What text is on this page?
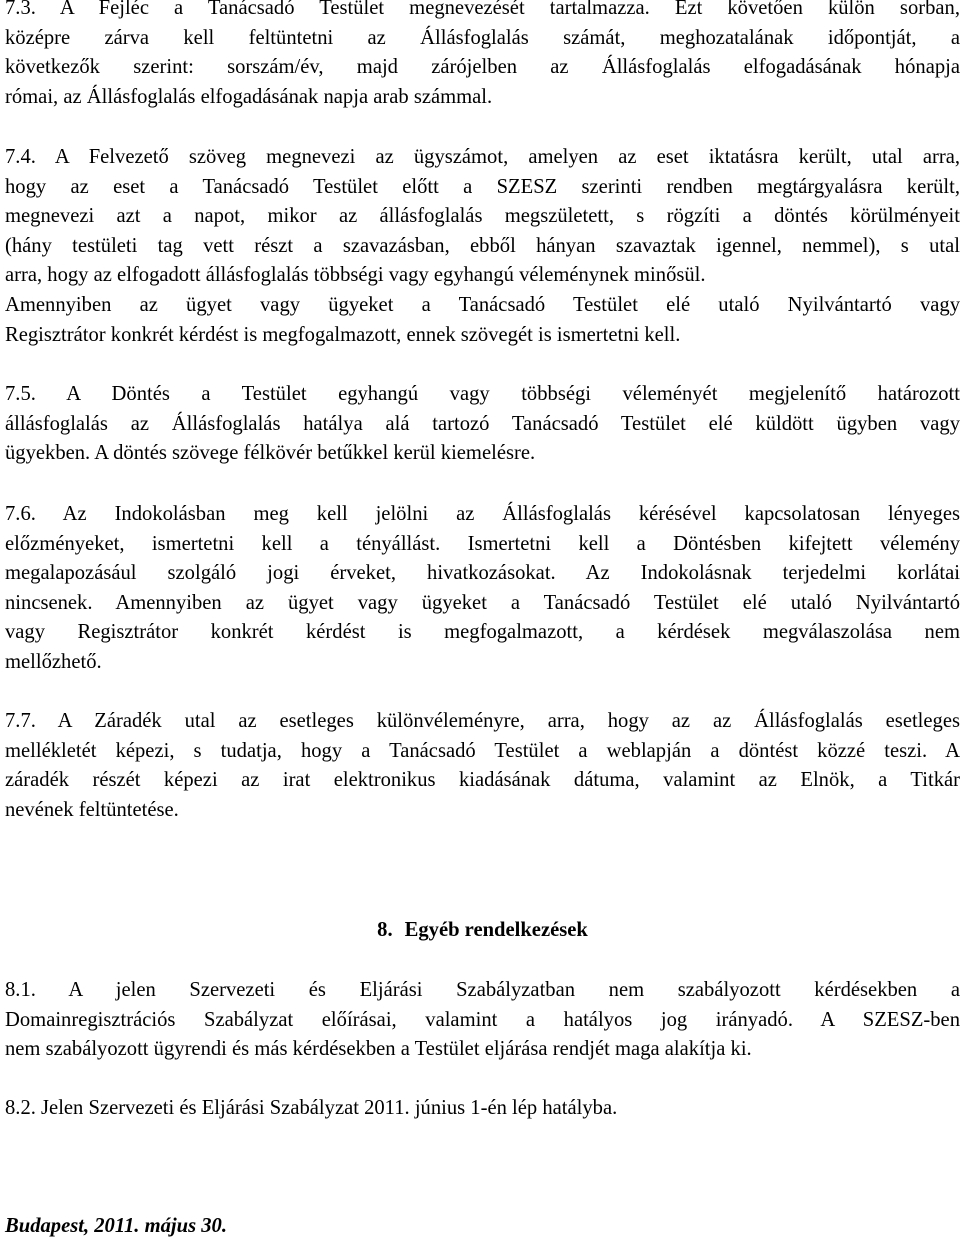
7.3. A Fejléc a Tanácsadó Testület megnevezését tartalmazza. Ezt követően külön sorban,
középre zárva kell feltüntetni az Állásfoglalás számát, meghozatalának időpontját, a
következők szerint: sorszám/év, majd zárójelben az Állásfoglalás elfogadásának hónapja
római, az Állásfoglalás elfogadásának napja arab számmal.
7.4. A Felvezető szöveg megnevezi az ügyszámot, amelyen az eset iktatásra került, utal arra,
hogy az eset a Tanácsadó Testület előtt a SZESZ szerinti rendben megtárgyalásra került,
megnevezi azt a napot, mikor az állásfoglalás megszületett, s rögzíti a döntés körülményeit
(hány testületi tag vett részt a szavazásban, ebből hányan szavaztak igennel, nemmel), s utal
arra, hogy az elfogadott állásfoglalás többségi vagy egyhangú véleménynek minősül.
Amennyiben az ügyet vagy ügyeket a Tanácsadó Testület elé utaló Nyilvántartó vagy
Regisztrátor konkrét kérdést is megfogalmazott, ennek szövegét is ismertetni kell.
7.5. A Döntés a Testület egyhangú vagy többségi véleményét megjelenítő határozott
állásfoglalás az Állásfoglalás hatálya alá tartozó Tanácsadó Testület elé küldött ügyben vagy
ügyekben. A döntés szövege félkövér betűkkel kerül kiemelésre.
7.6. Az Indokolásban meg kell jelölni az Állásfoglalás kérésével kapcsolatosan lényeges
előzményeket, ismertetni kell a tényállást. Ismertetni kell a Döntésben kifejtett vélemény
megalapozásául szolgáló jogi érveket, hivatkozásokat. Az Indokolásnak terjedelmi korlátai
nincsenek. Amennyiben az ügyet vagy ügyeket a Tanácsadó Testület elé utaló Nyilvántartó
vagy Regisztrátor konkrét kérdést is megfogalmazott, a kérdések megválaszolása nem
mellőzhető.
7.7. A Záradék utal az esetleges különvéleményre, arra, hogy az az Állásfoglalás esetleges
mellékletét képezi, s tudatja, hogy a Tanácsadó Testület a weblapján a döntést közzé teszi. A
záradék részét képezi az irat elektronikus kiadásának dátuma, valamint az Elnök, a Titkár
nevének feltüntetése.
8. Egyéb rendelkezések
8.1. A jelen Szervezeti és Eljárási Szabályzatban nem szabályozott kérdésekben a
Domainregisztrációs Szabályzat előírásai, valamint a hatályos jog irányadó. A SZESZ-ben
nem szabályozott ügyrendi és más kérdésekben a Testület eljárása rendjét maga alakítja ki.
8.2. Jelen Szervezeti és Eljárási Szabályzat 2011. június 1-én lép hatályba.
Budapest, 2011. május 30.
